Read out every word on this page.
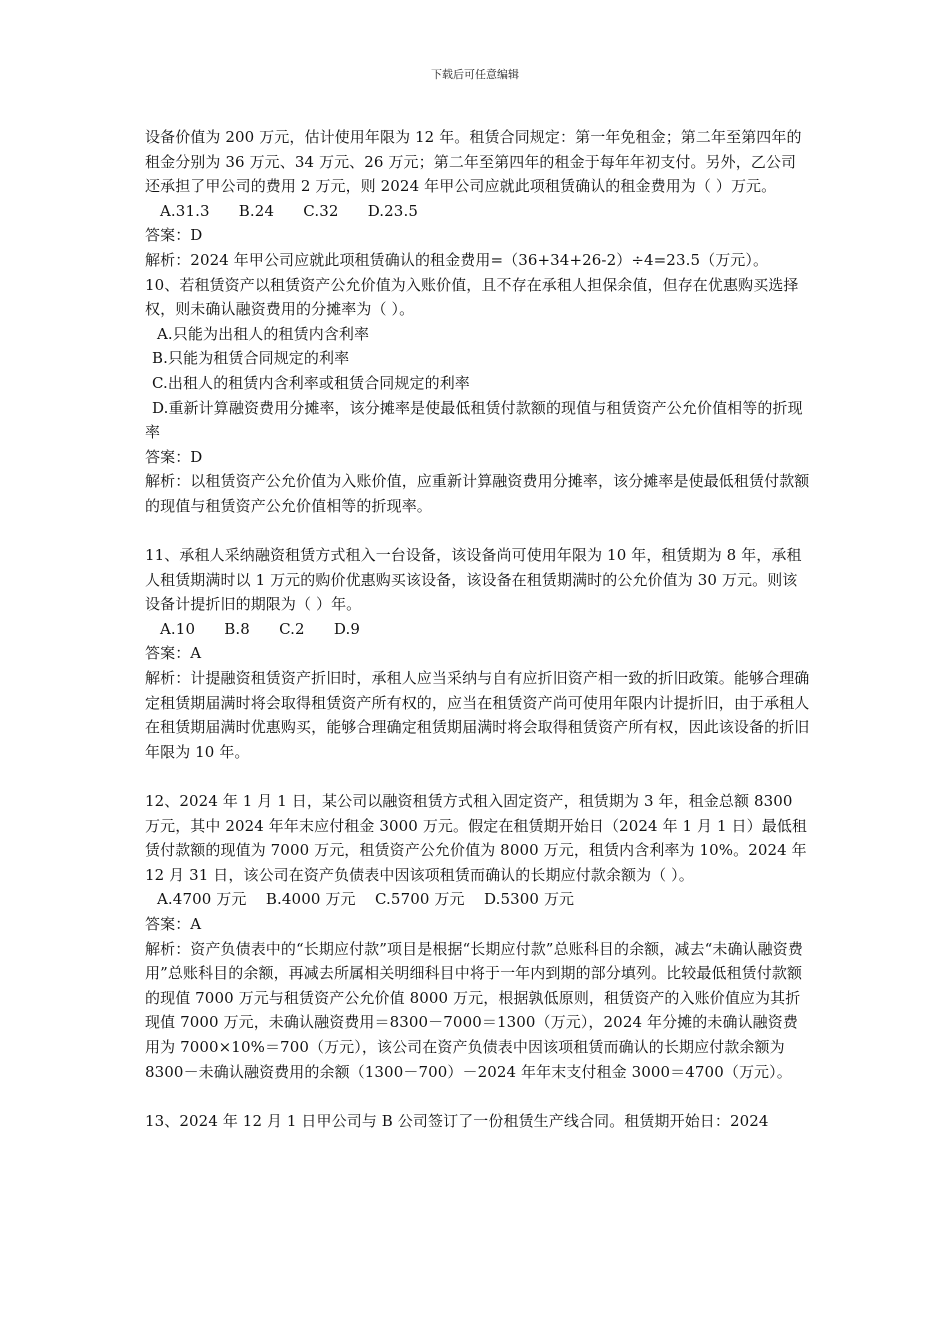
下载后可任意编辑

设备价值为 200 万元，估计使用年限为 12 年。租赁合同规定：第一年免租金；第二年至第四年的租金分别为 36 万元、34 万元、26 万元；第二年至第四年的租金于每年年初支付。另外，乙公司还承担了甲公司的费用 2 万元，则 2024 年甲公司应就此项租赁确认的租金费用为（ ）万元。

A.31.3      B.24      C.32      D.23.5

答案：D

解析：2024 年甲公司应就此项租赁确认的租金费用=（36+34+26-2）÷4=23.5（万元）。

10、若租赁资产以租赁资产公允价值为入账价值，且不存在承租人担保余值，但存在优惠购买选择权，则未确认融资费用的分摊率为（ ）。

A.只能为出租人的租赁内含利率

B.只能为租赁合同规定的利率

C.出租人的租赁内含利率或租赁合同规定的利率

D.重新计算融资费用分摊率，该分摊率是使最低租赁付款额的现值与租赁资产公允价值相等的折现率

答案：D

解析：以租赁资产公允价值为入账价值，应重新计算融资费用分摊率，该分摊率是使最低租赁付款额的现值与租赁资产公允价值相等的折现率。

11、承租人采纳融资租赁方式租入一台设备，该设备尚可使用年限为 10 年，租赁期为 8 年，承租人租赁期满时以 1 万元的购价优惠购买该设备，该设备在租赁期满时的公允价值为 30 万元。则该设备计提折旧的期限为（ ）年。

A.10      B.8      C.2      D.9

答案：A

解析：计提融资租赁资产折旧时，承租人应当采纳与自有应折旧资产相一致的折旧政策。能够合理确定租赁期届满时将会取得租赁资产所有权的，应当在租赁资产尚可使用年限内计提折旧，由于承租人在租赁期届满时优惠购买，能够合理确定租赁期届满时将会取得租赁资产所有权，因此该设备的折旧年限为 10 年。

12、2024 年 1 月 1 日，某公司以融资租赁方式租入固定资产，租赁期为 3 年，租金总额 8300 万元，其中 2024 年年末应付租金 3000 万元。假定在租赁期开始日（2024 年 1 月 1 日）最低租赁付款额的现值为 7000 万元，租赁资产公允价值为 8000 万元，租赁内含利率为 10%。2024 年 12 月 31 日，该公司在资产负债表中因该项租赁而确认的长期应付款余额为（ ）。

A.4700 万元    B.4000 万元    C.5700 万元    D.5300 万元

答案：A

解析：资产负债表中的“长期应付款”项目是根据“长期应付款”总账科目的余额，减去“未确认融资费用”总账科目的余额，再减去所属相关明细科目中将于一年内到期的部分填列。比较最低租赁付款额的现值 7000 万元与租赁资产公允价值 8000 万元，根据孰低原则，租赁资产的入账价值应为其折现值 7000 万元，未确认融资费用＝8300－7000＝1300（万元），2024 年分摊的未确认融资费用为 7000×10%＝700（万元），该公司在资产负债表中因该项租赁而确认的长期应付款余额为 8300－未确认融资费用的余额（1300－700）－2024 年年末支付租金 3000＝4700（万元）。

13、2024 年 12 月 1 日甲公司与 B 公司签订了一份租赁生产线合同。租赁期开始日：2024
